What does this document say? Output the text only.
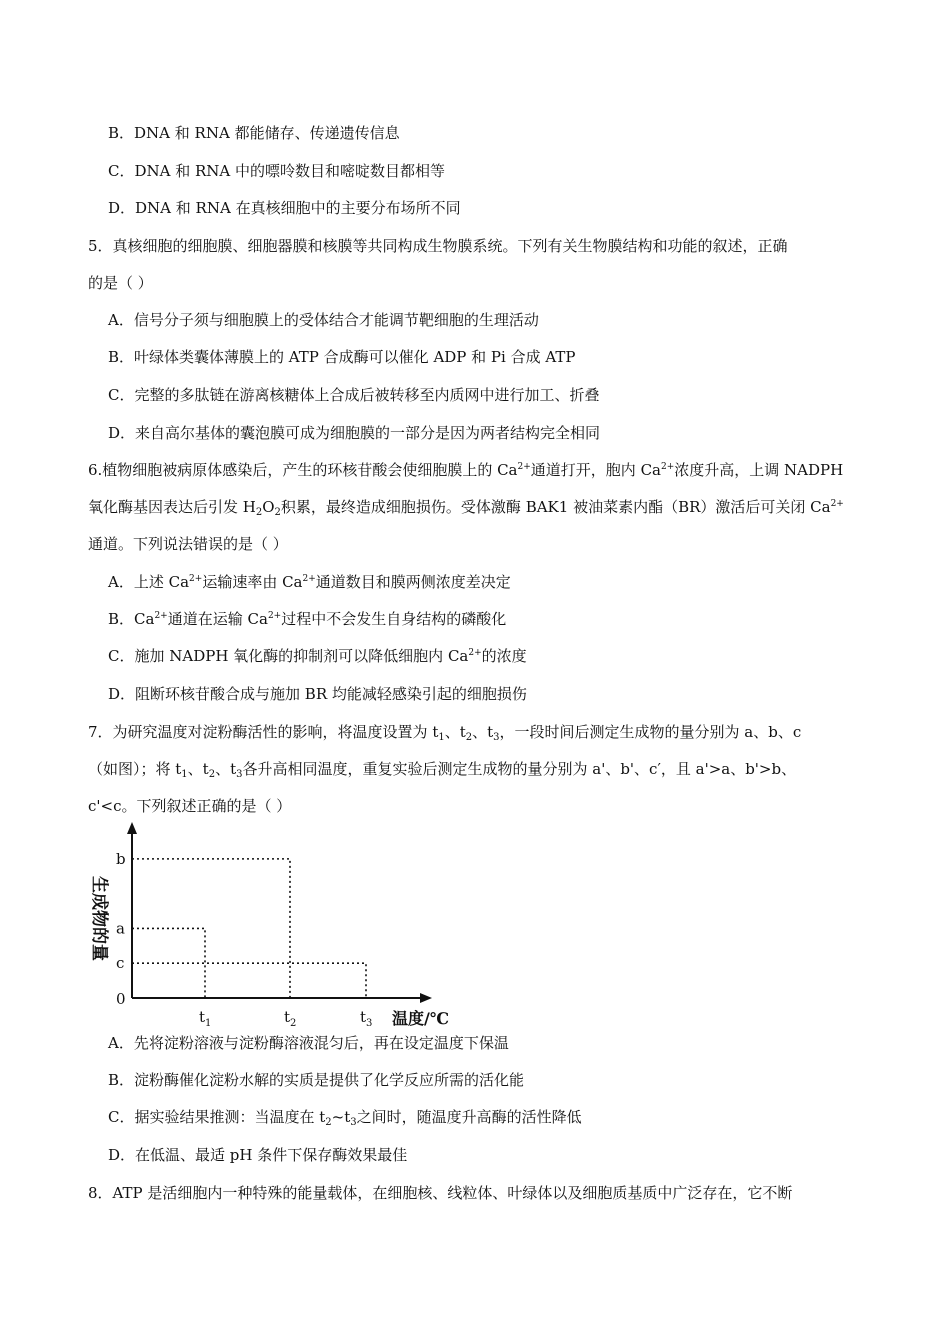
B．DNA 和 RNA 都能储存、传递遗传信息
C．DNA 和 RNA 中的嘌呤数目和嘧啶数目都相等
D．DNA 和 RNA 在真核细胞中的主要分布场所不同
5．真核细胞的细胞膜、细胞器膜和核膜等共同构成生物膜系统。下列有关生物膜结构和功能的叙述，正确
的是（ ）
A．信号分子须与细胞膜上的受体结合才能调节靶细胞的生理活动
B．叶绿体类囊体薄膜上的 ATP 合成酶可以催化 ADP 和 Pi 合成 ATP
C．完整的多肽链在游离核糖体上合成后被转移至内质网中进行加工、折叠
D．来自高尔基体的囊泡膜可成为细胞膜的一部分是因为两者结构完全相同
6.植物细胞被病原体感染后，产生的环核苷酸会使细胞膜上的 $Ca^{2+}$通道打开，胞内 $Ca^{2+}$浓度升高，上调 NADPH
氧化酶基因表达后引发 $H_2O_2$积累，最终造成细胞损伤。受体激酶 BAK1 被油菜素内酯（BR）激活后可关闭 $Ca^{2+}$
通道。下列说法错误的是（ ）
A．上述 $Ca^{2+}$运输速率由 $Ca^{2+}$通道数目和膜两侧浓度差决定
B．$Ca^{2+}$通道在运输 $Ca^{2+}$过程中不会发生自身结构的磷酸化
C．施加 NADPH 氧化酶的抑制剂可以降低细胞内 $Ca^{2+}$的浓度
D．阻断环核苷酸合成与施加 BR 均能减轻感染引起的细胞损伤
7．为研究温度对淀粉酶活性的影响，将温度设置为 $t_1$、$t_2$、$t_3$，一段时间后测定生成物的量分别为 a、b、c
（如图）；将 $t_1$、$t_2$、$t_3$各升高相同温度，重复实验后测定生成物的量分别为 a'、b'、c′，且 a'>a、b'>b、
c'<c。下列叙述正确的是（ ）
0
a
$t_1$
b
$t_2$
c
$t_3$ 温度/℃
生成物的量
A．先将淀粉溶液与淀粉酶溶液混匀后，再在设定温度下保温
B．淀粉酶催化淀粉水解的实质是提供了化学反应所需的活化能
C．据实验结果推测：当温度在 $t_2\sim t_3$之间时，随温度升高酶的活性降低
D．在低温、最适 pH 条件下保存酶效果最佳
8．ATP 是活细胞内一种特殊的能量载体，在细胞核、线粒体、叶绿体以及细胞质基质中广泛存在，它不断
